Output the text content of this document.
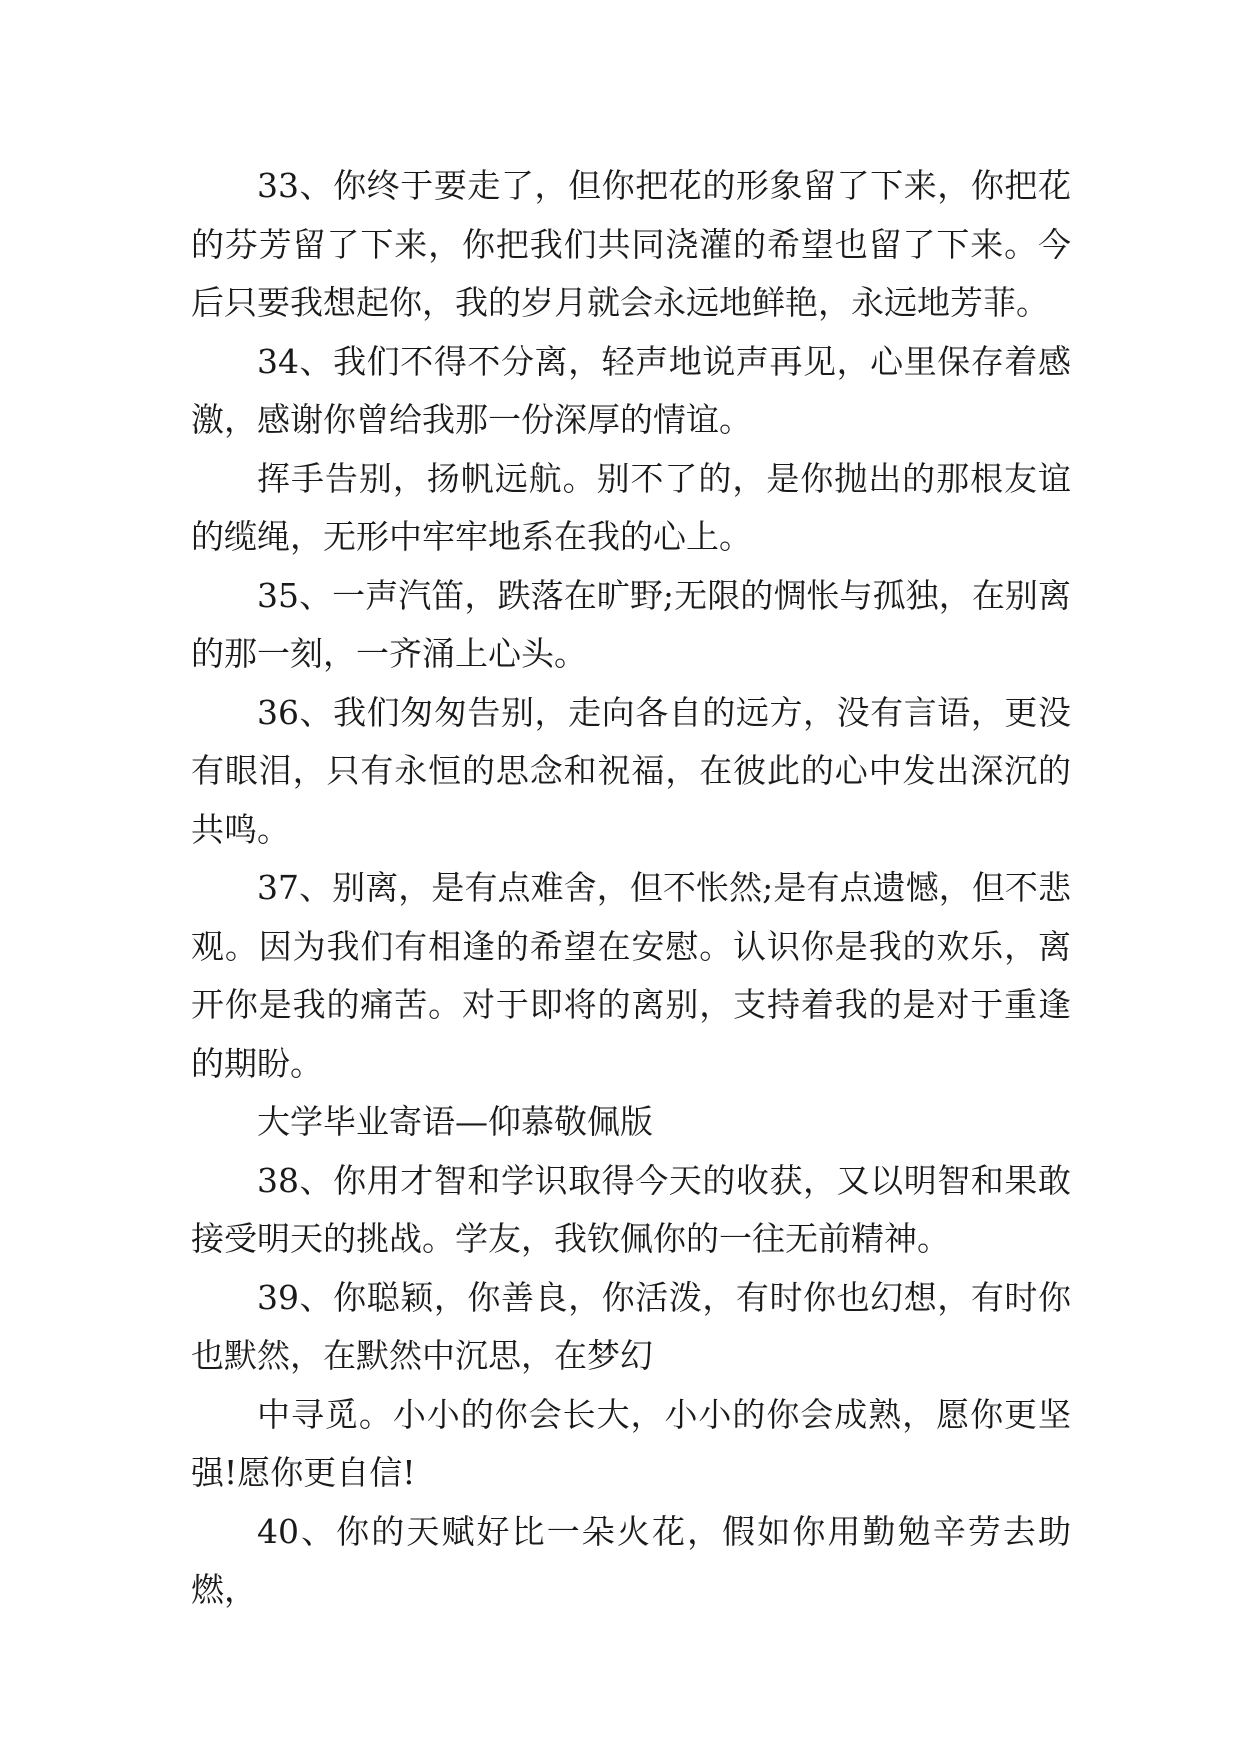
33、你终于要走了，但你把花的形象留了下来，你把花的芬芳留了下来，你把我们共同浇灌的希望也留了下来。今后只要我想起你，我的岁月就会永远地鲜艳，永远地芳菲。

34、我们不得不分离，轻声地说声再见，心里保存着感激，感谢你曾给我那一份深厚的情谊。

挥手告别，扬帆远航。别不了的，是你抛出的那根友谊的缆绳，无形中牢牢地系在我的心上。

35、一声汽笛，跌落在旷野;无限的惆怅与孤独，在别离的那一刻，一齐涌上心头。

36、我们匆匆告别，走向各自的远方，没有言语，更没有眼泪，只有永恒的思念和祝福，在彼此的心中发出深沉的共鸣。

37、别离，是有点难舍，但不怅然;是有点遗憾，但不悲观。因为我们有相逢的希望在安慰。认识你是我的欢乐，离开你是我的痛苦。对于即将的离别，支持着我的是对于重逢的期盼。

大学毕业寄语—仰慕敬佩版

38、你用才智和学识取得今天的收获，又以明智和果敢接受明天的挑战。学友，我钦佩你的一往无前精神。

39、你聪颖，你善良，你活泼，有时你也幻想，有时你也默然，在默然中沉思，在梦幻

中寻觅。小小的你会长大，小小的你会成熟，愿你更坚强!愿你更自信!

40、你的天赋好比一朵火花，假如你用勤勉辛劳去助燃，
